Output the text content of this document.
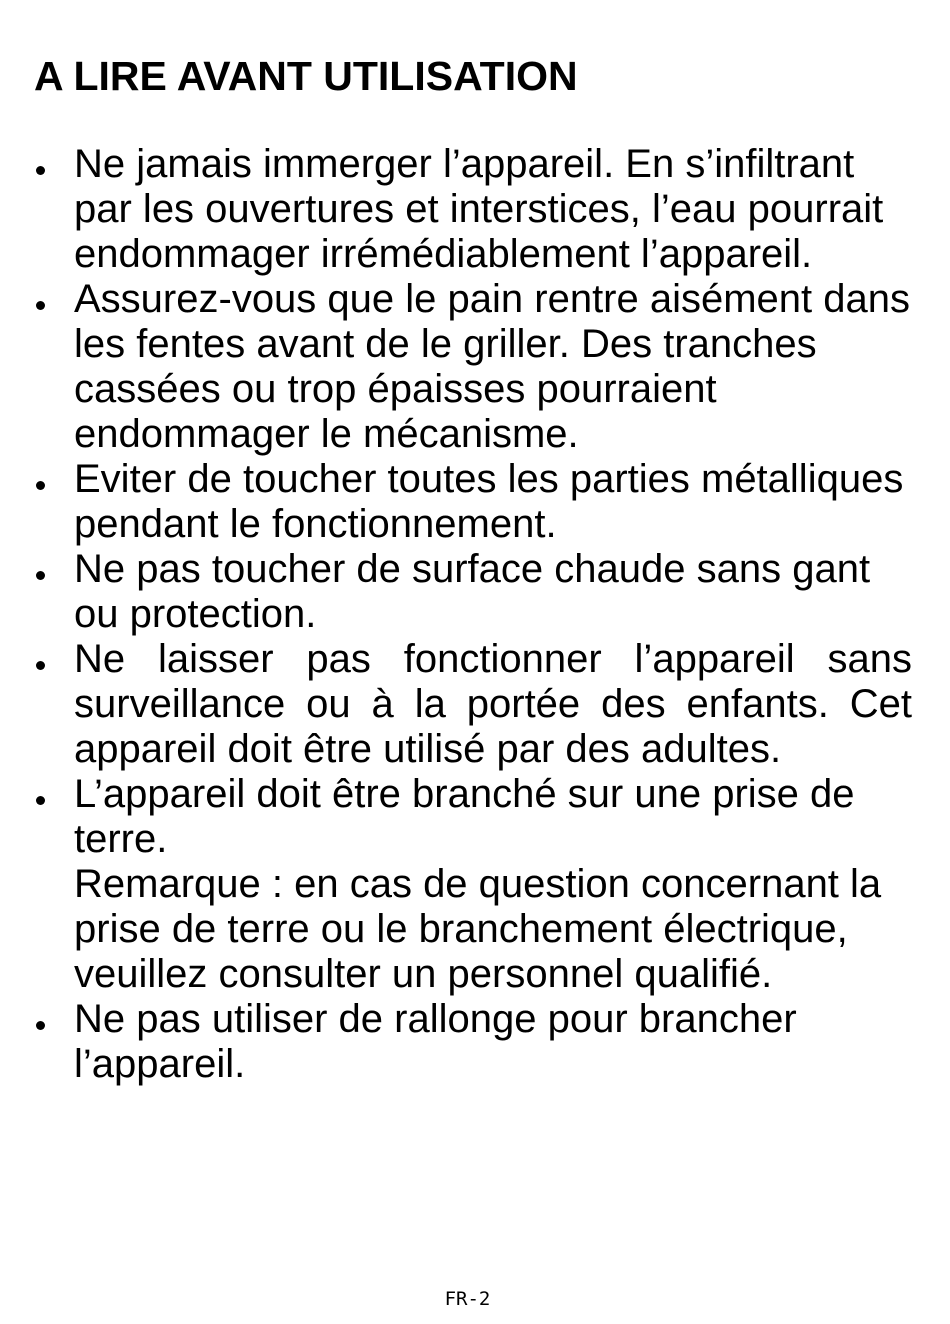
A LIRE AVANT UTILISATION

Ne jamais immerger l’appareil. En s’infiltrant par les ouvertures et interstices, l’eau pourrait endommager irrémédiablement l’appareil.

Assurez-vous que le pain rentre aisément dans les fentes avant de le griller. Des tranches cassées ou trop épaisses pourraient endommager le mécanisme.

Eviter de toucher toutes les parties métalliques pendant le fonctionnement.

Ne pas toucher de surface chaude sans gant ou protection.

Ne laisser pas fonctionner l’appareil sans surveillance ou à la portée des enfants. Cet appareil doit être utilisé par des adultes.

L’appareil doit être branché sur une prise de terre.

Remarque : en cas de question concernant la prise de terre ou le branchement électrique, veuillez consulter un personnel qualifié.

Ne pas utiliser de rallonge pour brancher l’appareil.

FR-2
